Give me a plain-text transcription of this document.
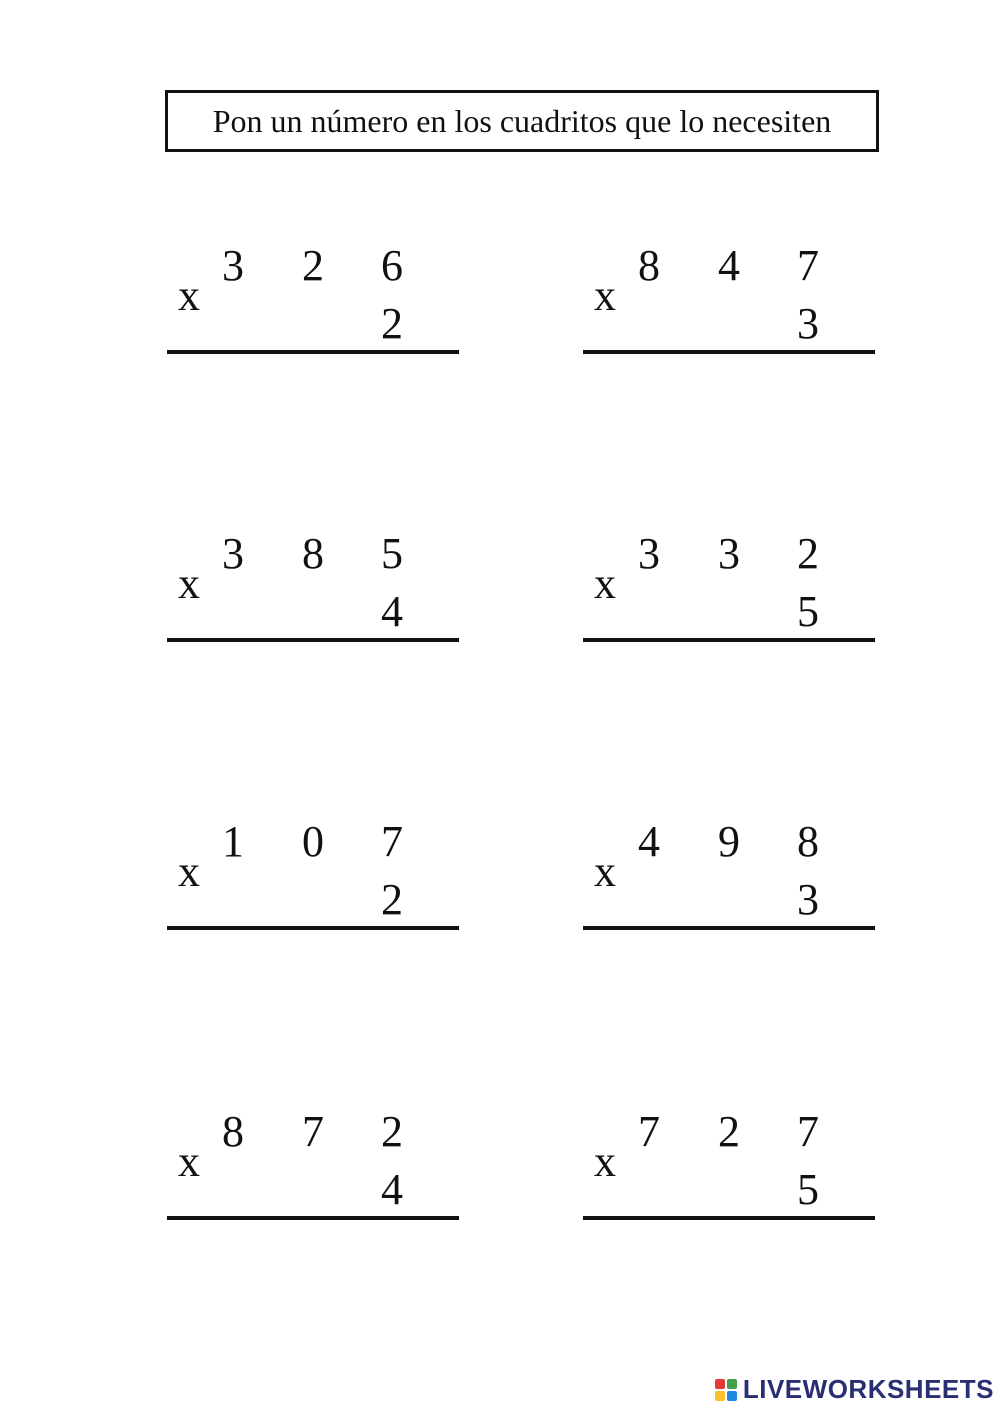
Pon un número en los cuadritos que lo necesiten
3 2 6
x
2
8 4 7
x
3
3 8 5
x
4
3 3 2
x
5
1 0 7
x
2
4 9 8
x
3
8 7 2
x
4
7 2 7
x
5
LIVEWORKSHEETS
